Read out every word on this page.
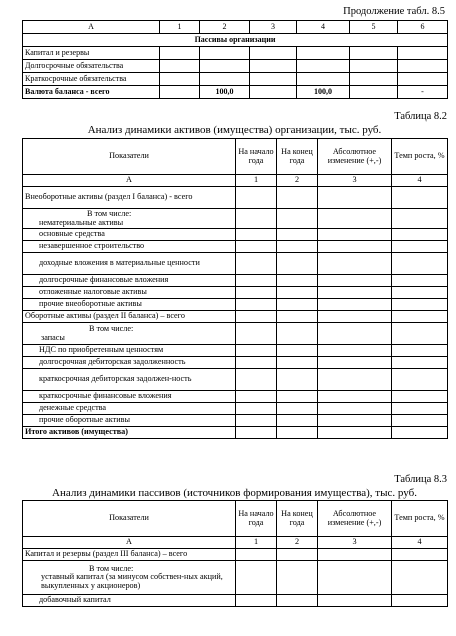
Продолжение табл. 8.5
А	1	2	3	4	5	6
Пассивы организации						
Капитал и резервы						
Долгосрочные обязательства						
Краткосрочные обязательства						
Валюта баланса - всего		100,0		100,0		-
Таблица 8.2
Анализ динамики активов (имущества) организации, тыс. руб.
Показатели	На начало года	На конец года	Абсолютное изменение (+,-)	Темп роста, %
А	1	2	3	4
Внеоборотные активы (раздел I баланса) - всего				

В том числе:
нематериальные активы				

основные средства				
незавершенное строительство				
доходные вложения в материальные ценности				
долгосрочные финансовые вложения				
отложенные налоговые активы				
прочие внеоборотные активы				
Оборотные активы (раздел II баланса) – всего				

В том числе:
запасы				

НДС по приобретенным ценностям				
долгосрочная дебиторская задолженность				
краткосрочная дебиторская задолжен-ность				
краткосрочные финансовые вложения				
денежные средства				
прочие оборотные активы				
Итого активов (имущества)				
Таблица 8.3
Анализ динамики пассивов (источников формирования имущества), тыс. руб.
Показатели	На начало года	На конец года	Абсолютное изменение (+,-)	Темп роста, %
А	1	2	3	4
Капитал и резервы (раздел III баланса) – всего				

В том числе:
уставный капитал (за минусом собствен-ных акций, выкупленных у акционеров)				

добавочный капитал				
